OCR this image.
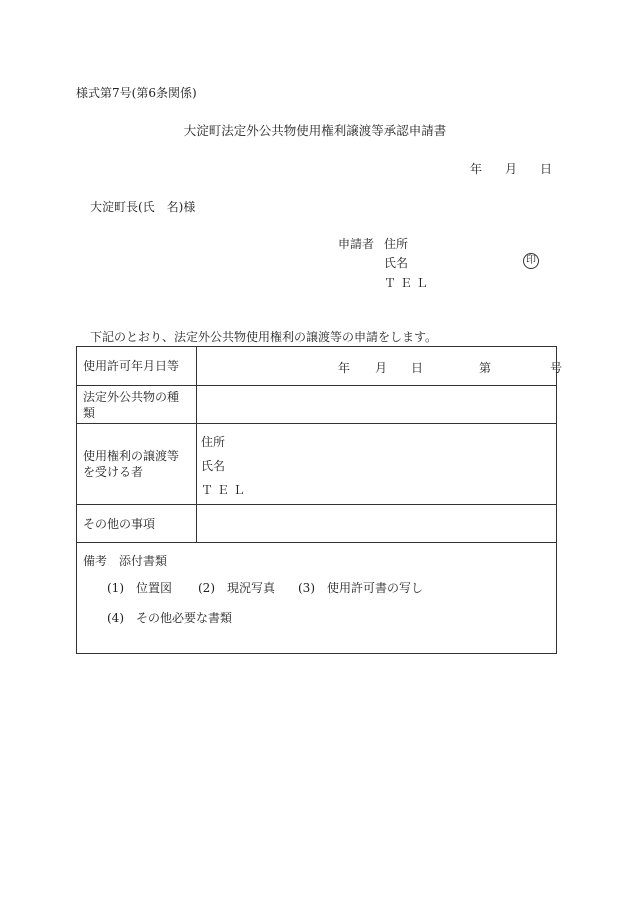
様式第7号(第6条関係)
大淀町法定外公共物使用権利譲渡等承認申請書
年 月 日
大淀町長(氏　名)様
申請者 住所
氏名	印
ＴＥＬ
下記のとおり、法定外公共物使用権利の譲渡等の申請をします。
使用許可年月日等	年 月 日 第 号

法定外公共物の種類	
使用権利の譲渡等を受ける者	住所
氏名
ＴＥＬ

その他の事項	

備考　添付書類
(1)　位置図 (2)　現況写真 (3)　使用許可書の写し
(4)　その他必要な書類	
